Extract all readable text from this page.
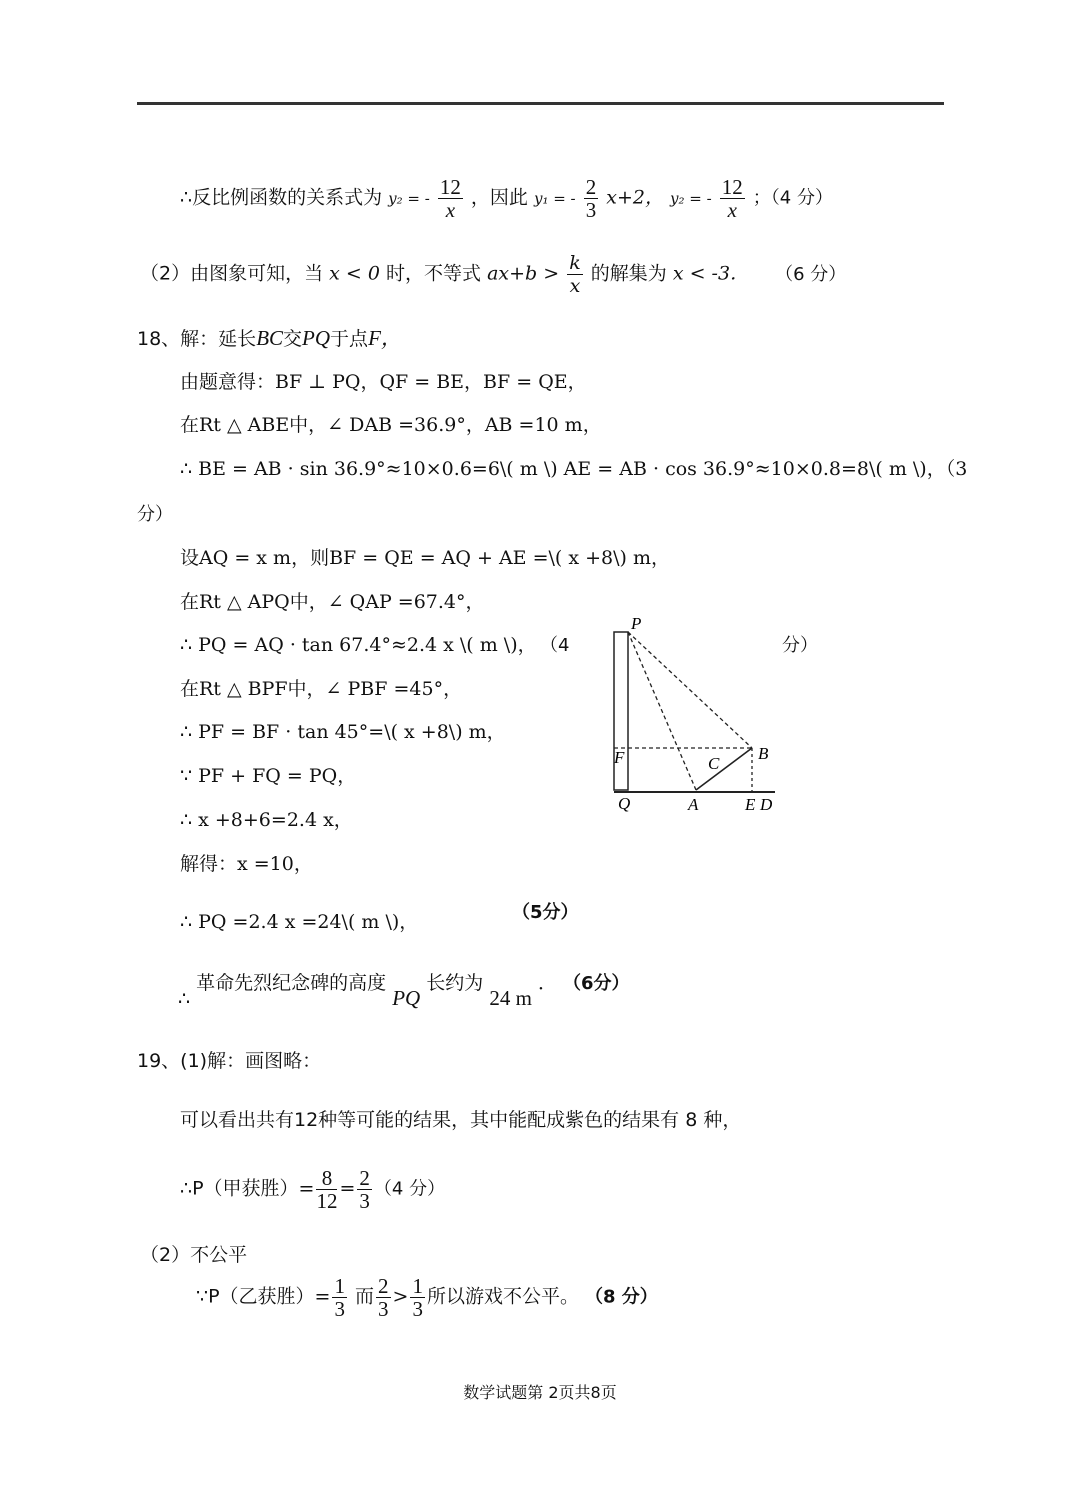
∴反比例函数的关系式为 y₂ = - $\frac{12}{x}$ ，因此 y₁ = - $\frac{2}{3} x+2$， y₂ = - $\frac{12}{x}$ ；（4 分）
（2）由图象可知，当 x < 0 时，不等式 $ax+b > \frac{k}{x}$ 的解集为 x < -3． （6 分）
18、解：延长BC交PQ于点F，
由题意得：BF ⊥ PQ，QF = BE，BF = QE，
在Rt △ ABE中，∠ DAB =36.9°，AB =10 m，
∴ BE = AB · sin 36.9°≈10×0.6=6\( m \) AE = AB · cos 36.9°≈10×0.8=8\( m \)，（3
分）
设AQ = x m，则BF = QE = AQ + AE =\( x +8\) m，
在Rt △ APQ中，∠ QAP =67.4°，
∴ PQ = AQ · tan 67.4°≈2.4 x \( m \)， （4	分）
在Rt △ BPF中，∠ PBF =45°，
∴ PF = BF · tan 45°=\( x +8\) m，
∵ PF + FQ = PQ，
∴ x +8+6=2.4 x，
解得：x =10，
∴ PQ =2.4 x =24\( m \)，	（5分）
∴ 革命先烈纪念碑的高度 PQ 长约为 24 m ． （6分）
19、(1)解：画图略：
可以看出共有12种等可能的结果，其中能配成紫色的结果有 8 种，
∴P（甲获胜）= $\frac{8}{12} = \frac{2}{3} (4$ 分）
（2）不公平
∵P（乙获胜）= $\frac{1}{3}$ 而 $\frac{2}{3} > \frac{1}{3}$ 所以游戏不公平。 （8 分）
P
F	B
C
Q	A	E D
数学试题第 2页共8页
